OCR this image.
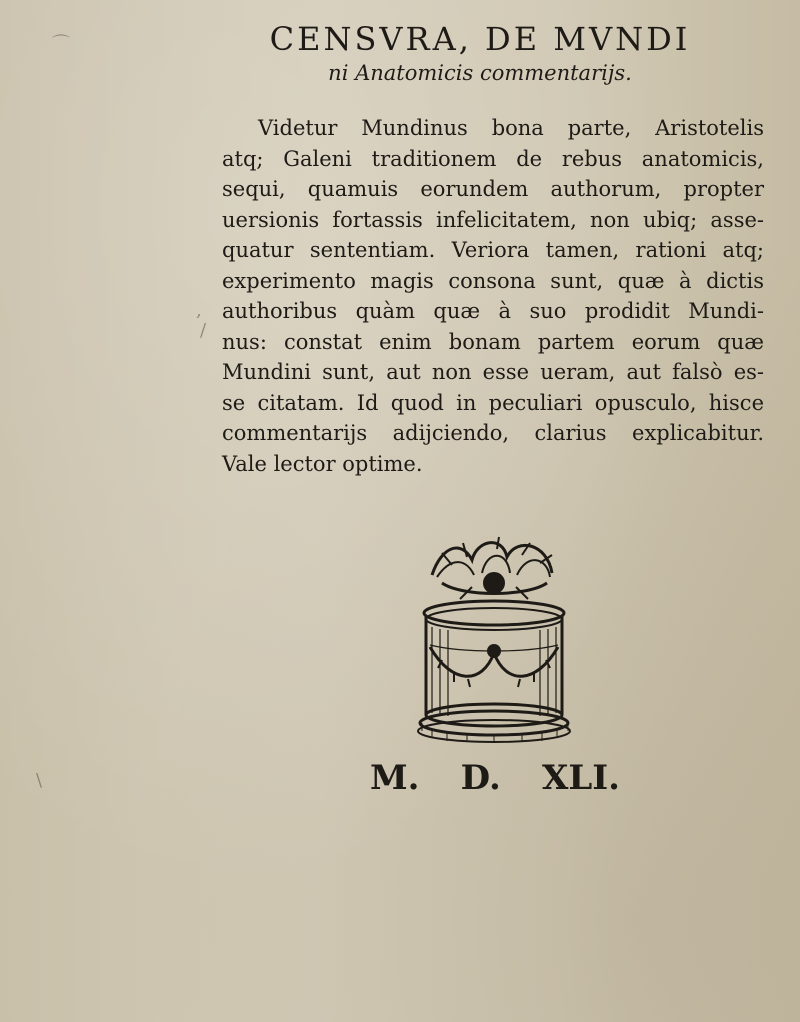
⌒
,
/
\
CENSVRA, DE MVNDI
ni Anatomicis commentarijs.
Videtur Mundinus bona parte, Aristotelis
atq; Galeni traditionem de rebus anatomicis,
sequi, quamuis eorundem authorum, propter
uersionis fortassis infelicitatem, non ubiq; asse-
quatur sententiam. Veriora tamen, rationi atq;
experimento magis consona sunt, quæ à dictis
authoribus quàm quæ à suo prodidit Mundi-
nus: constat enim bonam partem eorum quæ
Mundini sunt, aut non esse ueram, aut falsò es-
se citatam. Id quod in peculiari opusculo, hisce
commentarijs adijciendo, clarius explicabitur.
Vale lector optime.
M. D. XLI.
